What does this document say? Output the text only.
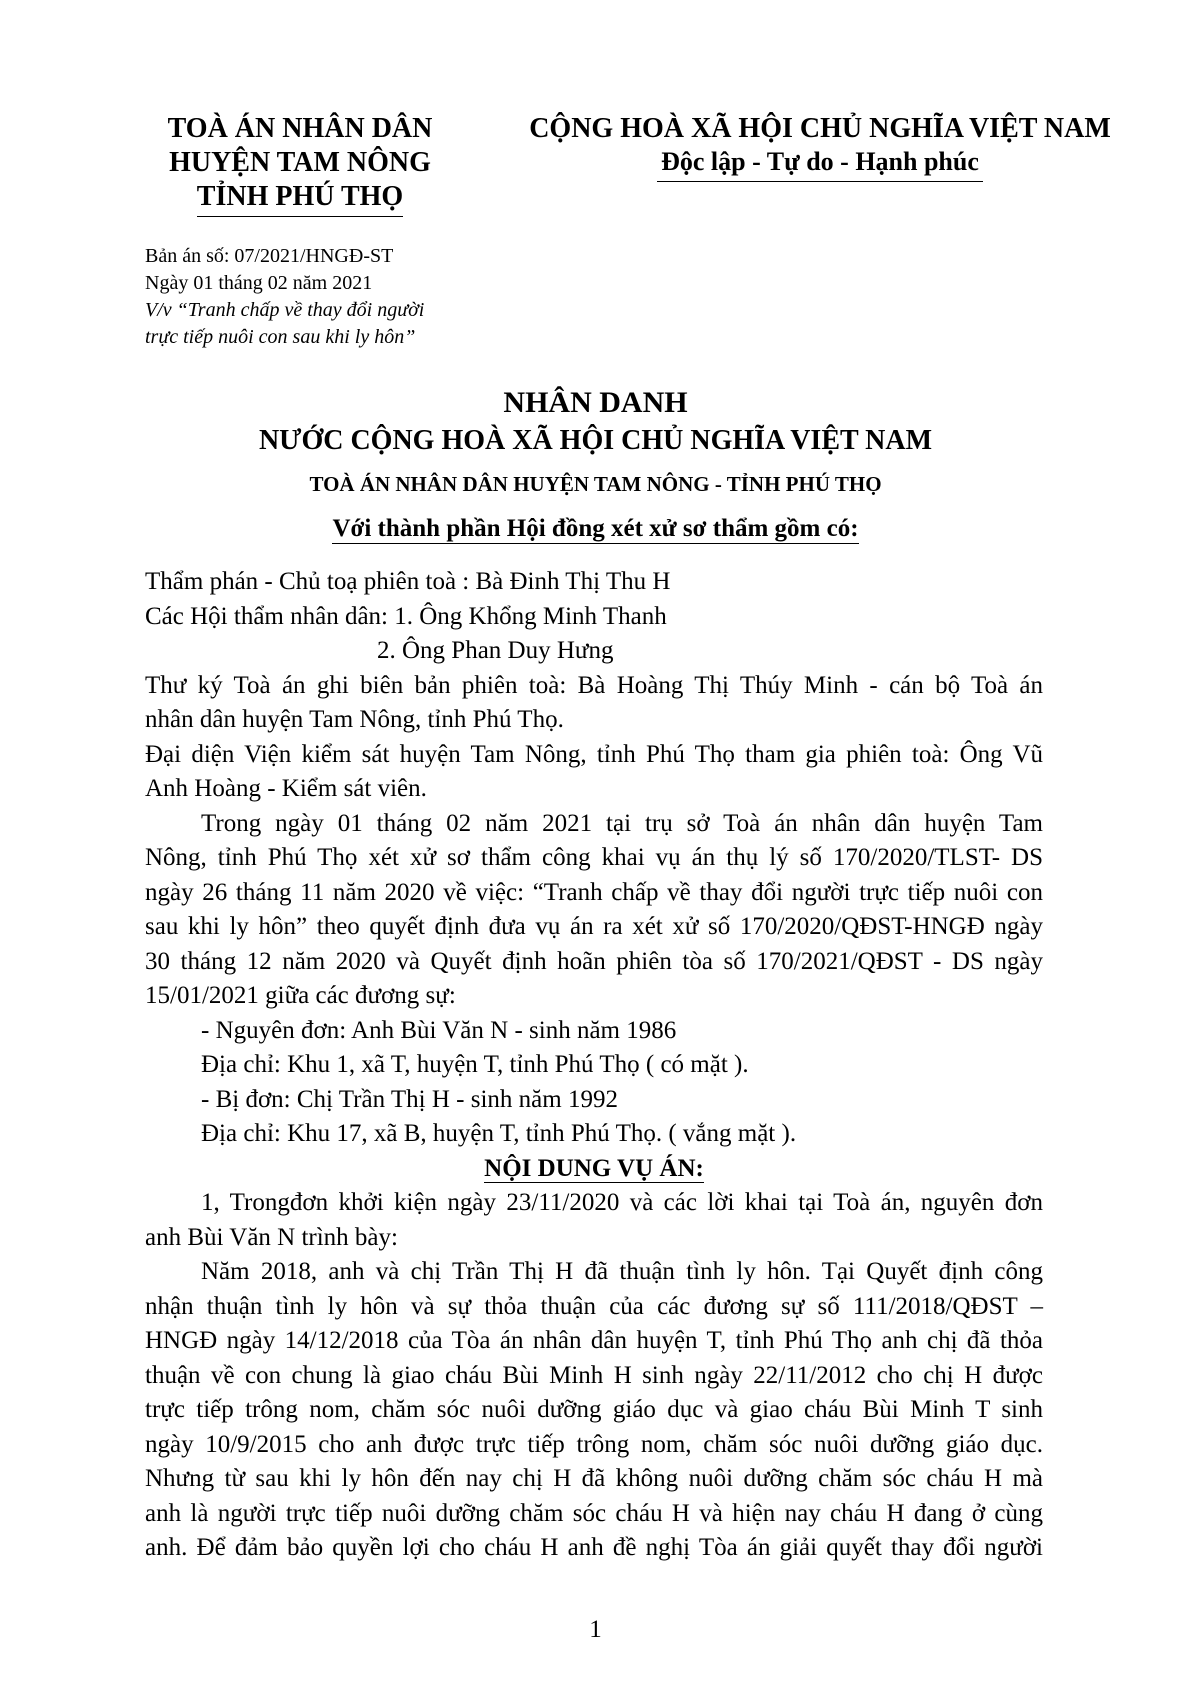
TOÀ ÁN NHÂN DÂN
HUYỆN TAM NÔNG
TỈNH PHÚ THỌ
CỘNG HOÀ XÃ HỘI CHỦ NGHĨA VIỆT NAM
Độc lập - Tự do - Hạnh phúc
Bản án số: 07/2021/HNGĐ-ST
Ngày 01 tháng 02 năm 2021
V/v “Tranh chấp về thay đổi người
trực tiếp nuôi con sau khi ly hôn”
NHÂN DANH
NƯỚC CỘNG HOÀ XÃ HỘI CHỦ NGHĨA VIỆT NAM
TOÀ ÁN NHÂN DÂN HUYỆN TAM NÔNG - TỈNH PHÚ THỌ
Với thành phần Hội đồng xét xử sơ thẩm gồm có:

Thẩm phán - Chủ toạ phiên toà : Bà Đinh Thị Thu H

Các Hội thẩm nhân dân: 1. Ông Khổng Minh Thanh

2. Ông Phan Duy Hưng

Thư ký Toà án ghi biên bản phiên toà: Bà Hoàng Thị Thúy Minh - cán bộ Toà án

nhân dân huyện Tam Nông, tỉnh Phú Thọ.

Đại diện Viện kiểm sát huyện Tam Nông, tỉnh Phú Thọ tham gia phiên toà: Ông Vũ

Anh Hoàng - Kiểm sát viên.

Trong ngày 01 tháng 02 năm 2021 tại trụ sở Toà án nhân dân huyện Tam

Nông, tỉnh Phú Thọ xét xử sơ thẩm công khai vụ án thụ lý số 170/2020/TLST- DS

ngày 26 tháng 11 năm 2020 về việc: “Tranh chấp về thay đổi người trực tiếp nuôi con

sau khi ly hôn” theo quyết định đưa vụ án ra xét xử số 170/2020/QĐST-HNGĐ ngày

30 tháng 12 năm 2020 và Quyết định hoãn phiên tòa số 170/2021/QĐST - DS ngày

15/01/2021 giữa các đương sự:

- Nguyên đơn: Anh Bùi Văn N - sinh năm 1986

Địa chỉ: Khu 1, xã T, huyện T, tỉnh Phú Thọ ( có mặt ).

- Bị đơn: Chị Trần Thị H - sinh năm 1992

Địa chỉ: Khu 17, xã B, huyện T, tỉnh Phú Thọ. ( vắng mặt ).

NỘI DUNG VỤ ÁN:

1, Trongđơn khởi kiện ngày 23/11/2020 và các lời khai tại Toà án, nguyên đơn

anh Bùi Văn N trình bày:

Năm 2018, anh và chị Trần Thị H đã thuận tình ly hôn. Tại Quyết định công

nhận thuận tình ly hôn và sự thỏa thuận của các đương sự số 111/2018/QĐST –

HNGĐ ngày 14/12/2018 của Tòa án nhân dân huyện T, tỉnh Phú Thọ anh chị đã thỏa

thuận về con chung là giao cháu Bùi Minh H sinh ngày 22/11/2012 cho chị H được

trực tiếp trông nom, chăm sóc nuôi dưỡng giáo dục và giao cháu Bùi Minh T sinh

ngày 10/9/2015 cho anh được trực tiếp trông nom, chăm sóc nuôi dưỡng giáo dục.

Nhưng từ sau khi ly hôn đến nay chị H đã không nuôi dưỡng chăm sóc cháu H mà

anh là người trực tiếp nuôi dưỡng chăm sóc cháu H và hiện nay cháu H đang ở cùng

anh. Để đảm bảo quyền lợi cho cháu H anh đề nghị Tòa án giải quyết thay đổi người

1
